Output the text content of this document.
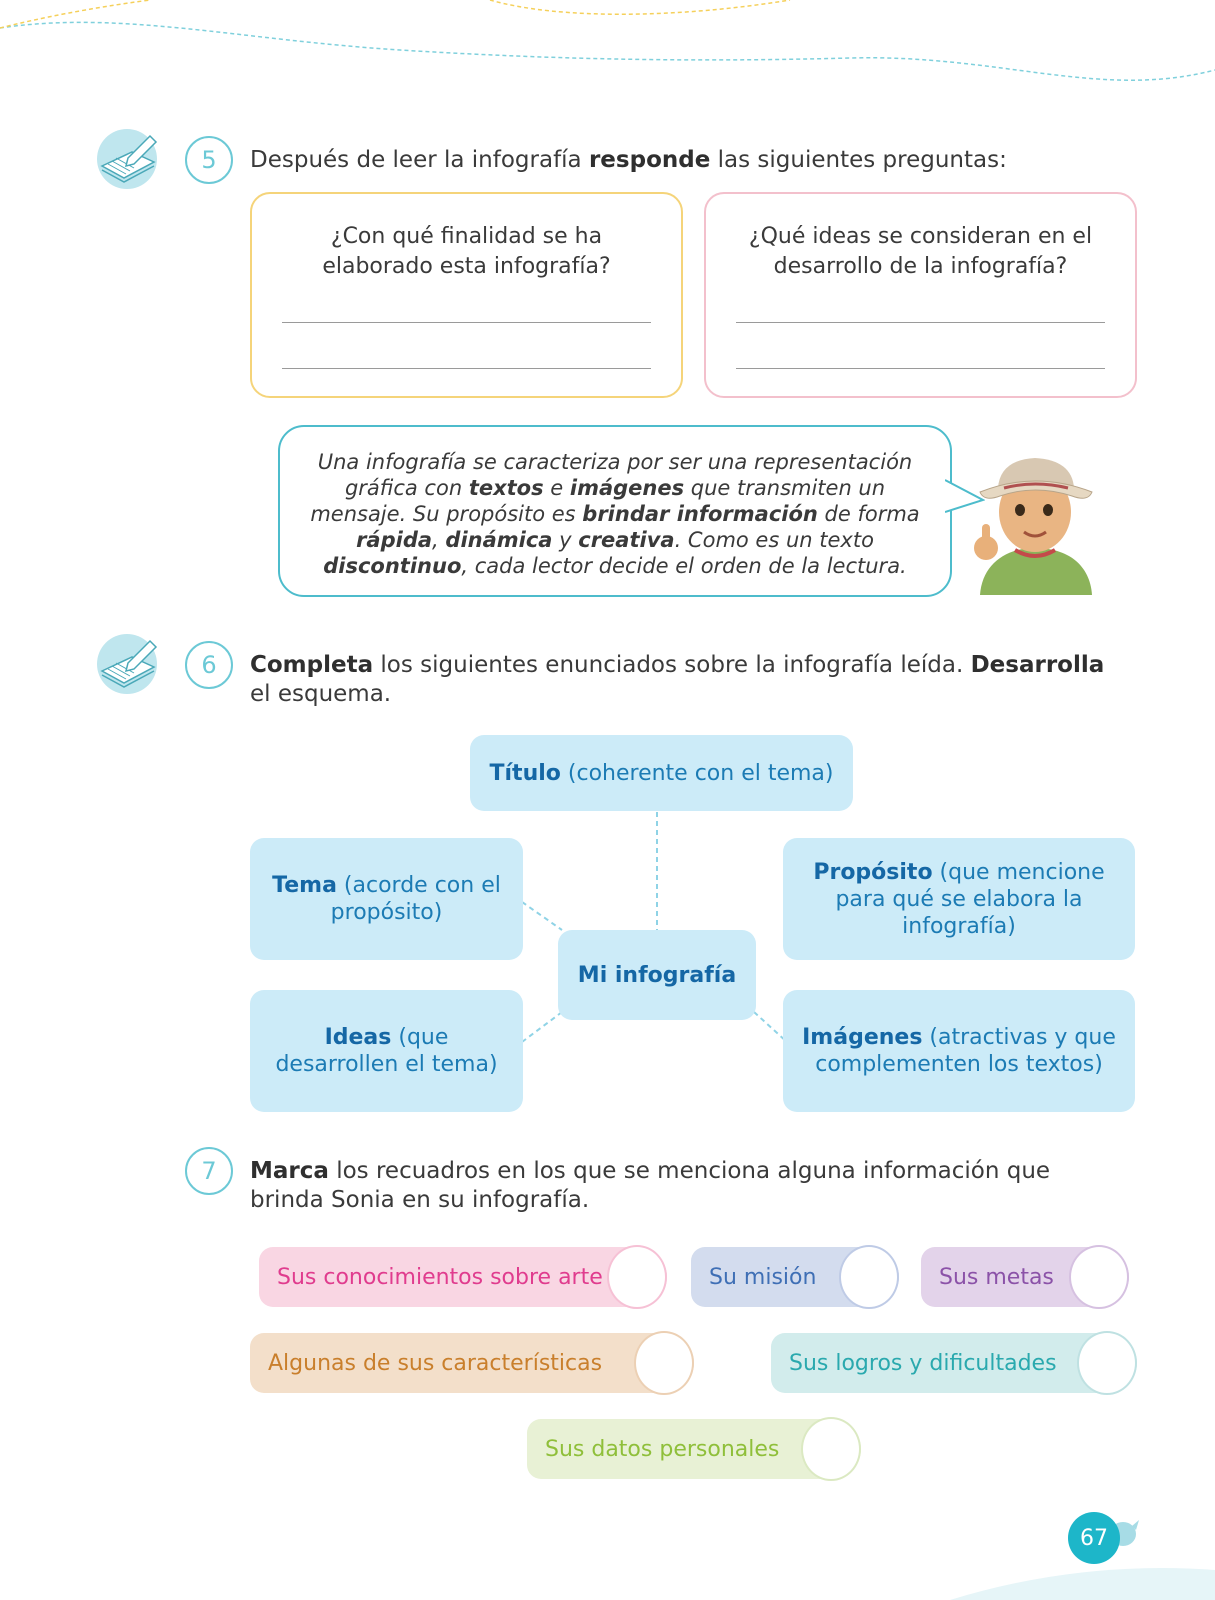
5	Después de leer la infografía responde las siguientes preguntas:
¿Con qué finalidad se ha elaborado esta infografía?
¿Qué ideas se consideran en el desarrollo de la infografía?
Una infografía se caracteriza por ser una representación gráfica con textos e imágenes que transmiten un mensaje. Su propósito es brindar información de forma rápida, dinámica y creativa. Como es un texto discontinuo, cada lector decide el orden de la lectura.
6	Completa los siguientes enunciados sobre la infografía leída. Desarrolla el esquema.
Título (coherente con el tema)
Tema (acorde con el propósito)
Propósito (que mencione para qué se elabora la infografía)
Mi infografía
Ideas (que desarrollen el tema)
Imágenes (atractivas y que complementen los textos)
7	Marca los recuadros en los que se menciona alguna información que brinda Sonia en su infografía.
Sus conocimientos sobre arte	Su misión	Sus metas
Algunas de sus características	Sus logros y dificultades
Sus datos personales
67
